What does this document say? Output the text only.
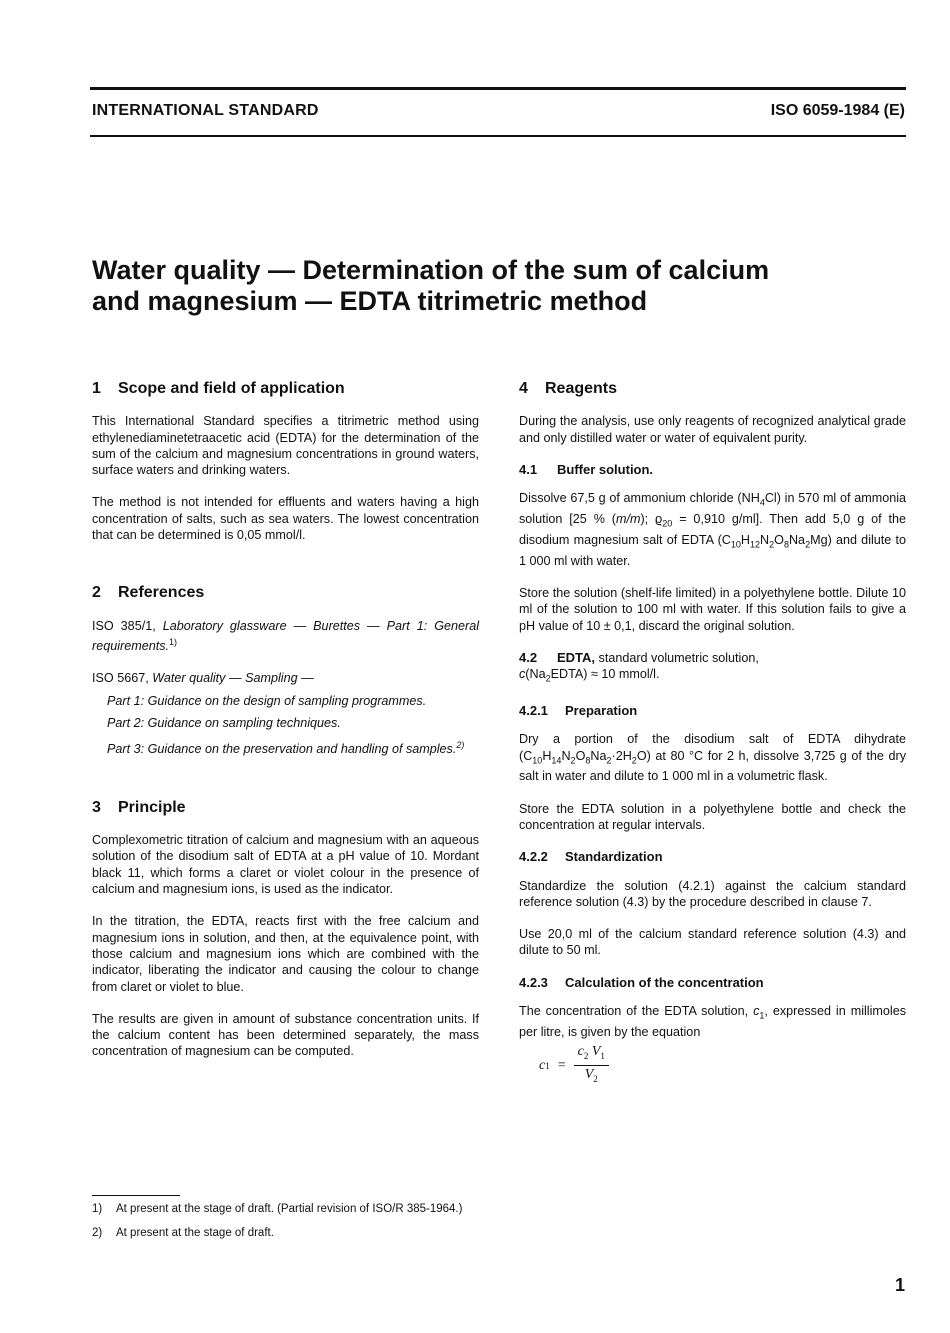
INTERNATIONAL STANDARD	ISO 6059-1984 (E)
Water quality — Determination of the sum of calcium
and magnesium — EDTA titrimetric method
1 Scope and field of application

This International Standard specifies a titrimetric method using ethylenediaminetetraacetic acid (EDTA) for the determination of the sum of the calcium and magnesium concentrations in ground waters, surface waters and drinking waters.

The method is not intended for effluents and waters having a high concentration of salts, such as sea waters. The lowest concentration that can be determined is 0,05 mmol/l.

2 References

ISO 385/1, Laboratory glassware — Burettes — Part 1: General requirements.$^{1)}$

ISO 5667, Water quality — Sampling —

Part 1: Guidance on the design of sampling programmes.

Part 2: Guidance on sampling techniques.

Part 3: Guidance on the preservation and handling of samples.$^{2)}$

3 Principle

Complexometric titration of calcium and magnesium with an aqueous solution of the disodium salt of EDTA at a pH value of 10. Mordant black 11, which forms a claret or violet colour in the presence of calcium and magnesium ions, is used as the indicator.

In the titration, the EDTA, reacts first with the free calcium and magnesium ions in solution, and then, at the equivalence point, with those calcium and magnesium ions which are combined with the indicator, liberating the indicator and causing the colour to change from claret or violet to blue.

The results are given in amount of substance concentration units. If the calcium content has been determined separately, the mass concentration of magnesium can be computed.

4 Reagents

During the analysis, use only reagents of recognized analytical grade and only distilled water or water of equivalent purity.

4.1 Buffer solution.

Dissolve 67,5 g of ammonium chloride $(NH_4Cl)$ in 570 ml of ammonia solution [25 % (m/m); $ϱ_{20} = 0,910$ g/ml]. Then add 5,0 g of the disodium magnesium salt of EDTA $(C_{10}H_{12}N_2O_8Na_2Mg)$ and dilute to 1 000 ml with water.

Store the solution (shelf-life limited) in a polyethylene bottle. Dilute 10 ml of the solution to 100 ml with water. If this solution fails to give a pH value of 10 ± 0,1, discard the original solution.

4.2 EDTA, standard volumetric solution,
$c(Na_2EDTA) \approx 10$ mmol/l.

4.2.1 Preparation

Dry a portion of the disodium salt of EDTA dihydrate $(C_{10}H_{14}N_2O_8Na_2\cdot 2H_2O)$ at 80 °C for 2 h, dissolve 3,725 g of the dry salt in water and dilute to 1 000 ml in a volumetric flask.

Store the EDTA solution in a polyethylene bottle and check the concentration at regular intervals.

4.2.2 Standardization

Standardize the solution (4.2.1) against the calcium standard reference solution (4.3) by the procedure described in clause 7.

Use 20,0 ml of the calcium standard reference solution (4.3) and dilute to 50 ml.

4.2.3 Calculation of the concentration

The concentration of the EDTA solution, $c_1$, expressed in millimoles per litre, is given by the equation

c $1 = \frac{c_2 V_1}{V_2}$
1) At present at the stage of draft. (Partial revision of ISO/R 385-1964.)
2) At present at the stage of draft.
1
